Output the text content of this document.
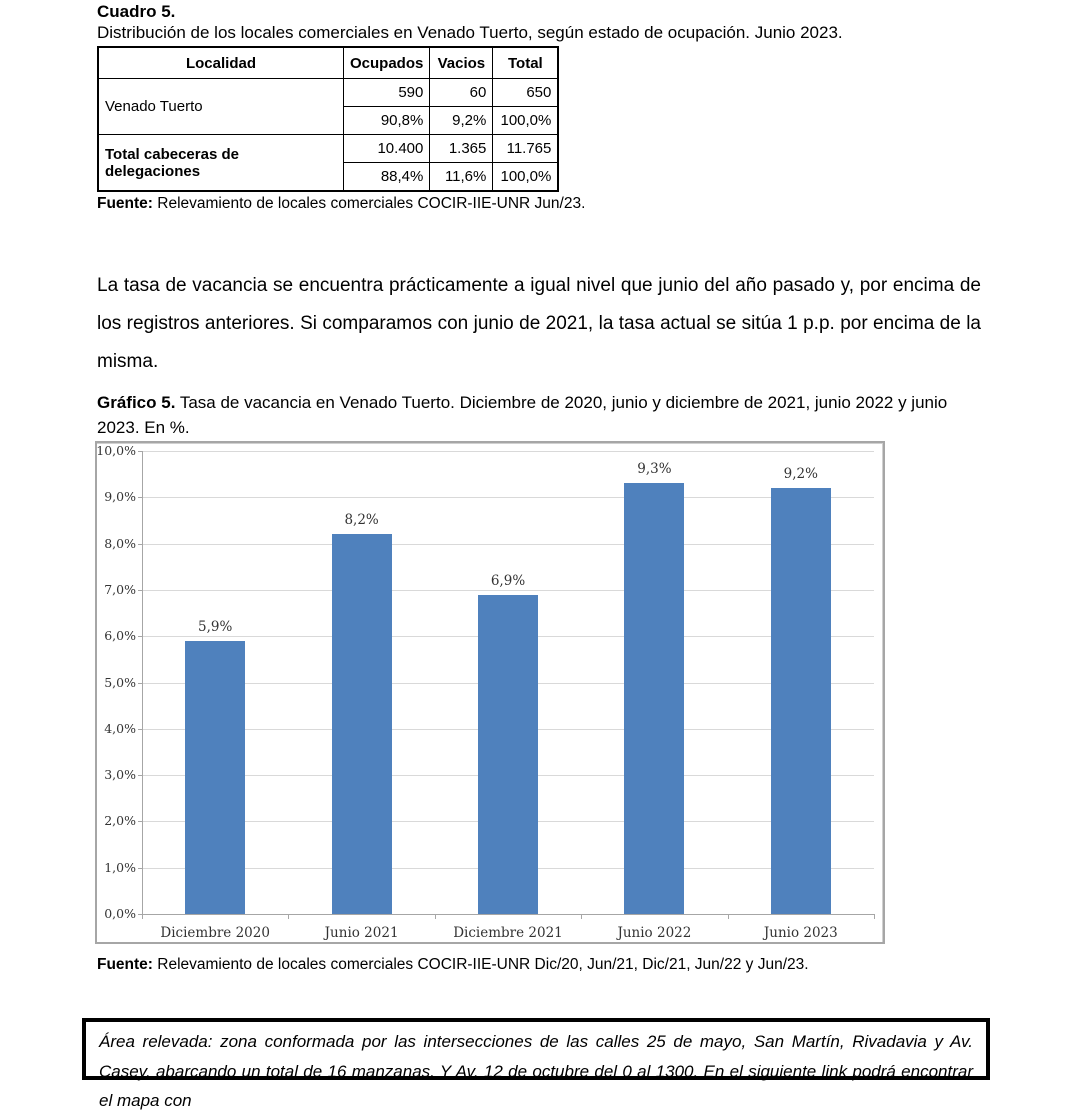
Cuadro 5.
Distribución de los locales comerciales en Venado Tuerto, según estado de ocupación. Junio 2023.
Localidad	Ocupados	Vacios	Total
Venado Tuerto	590	60	650
	90,8%	9,2%	100,0%
Total cabeceras de delegaciones	10.400	1.365	11.765
	88,4%	11,6%	100,0%
Fuente: Relevamiento de locales comerciales COCIR-IIE-UNR Jun/23.
La tasa de vacancia se encuentra prácticamente a igual nivel que junio del año pasado y, por encima de los registros anteriores. Si comparamos con junio de 2021, la tasa actual se sitúa 1 p.p. por encima de la misma.
Gráfico 5. Tasa de vacancia en Venado Tuerto. Diciembre de 2020, junio y diciembre de 2021, junio 2022 y junio 2023. En %.
0,0%
1,0%
2,0%
3,0%
4,0%
5,0%
6,0%
7,0%
8,0%
9,0%
10,0%
5,9%
Diciembre 2020
8,2%
Junio 2021
6,9%
Diciembre 2021
9,3%
Junio 2022
9,2%
Junio 2023
Fuente: Relevamiento de locales comerciales COCIR-IIE-UNR Dic/20, Jun/21, Dic/21, Jun/22 y Jun/23.
Área relevada: zona conformada por las intersecciones de las calles 25 de mayo, San Martín, Rivadavia y Av. Casey, abarcando un total de 16 manzanas. Y Av. 12 de octubre del 0 al 1300. En el siguiente link podrá encontrar el mapa con
